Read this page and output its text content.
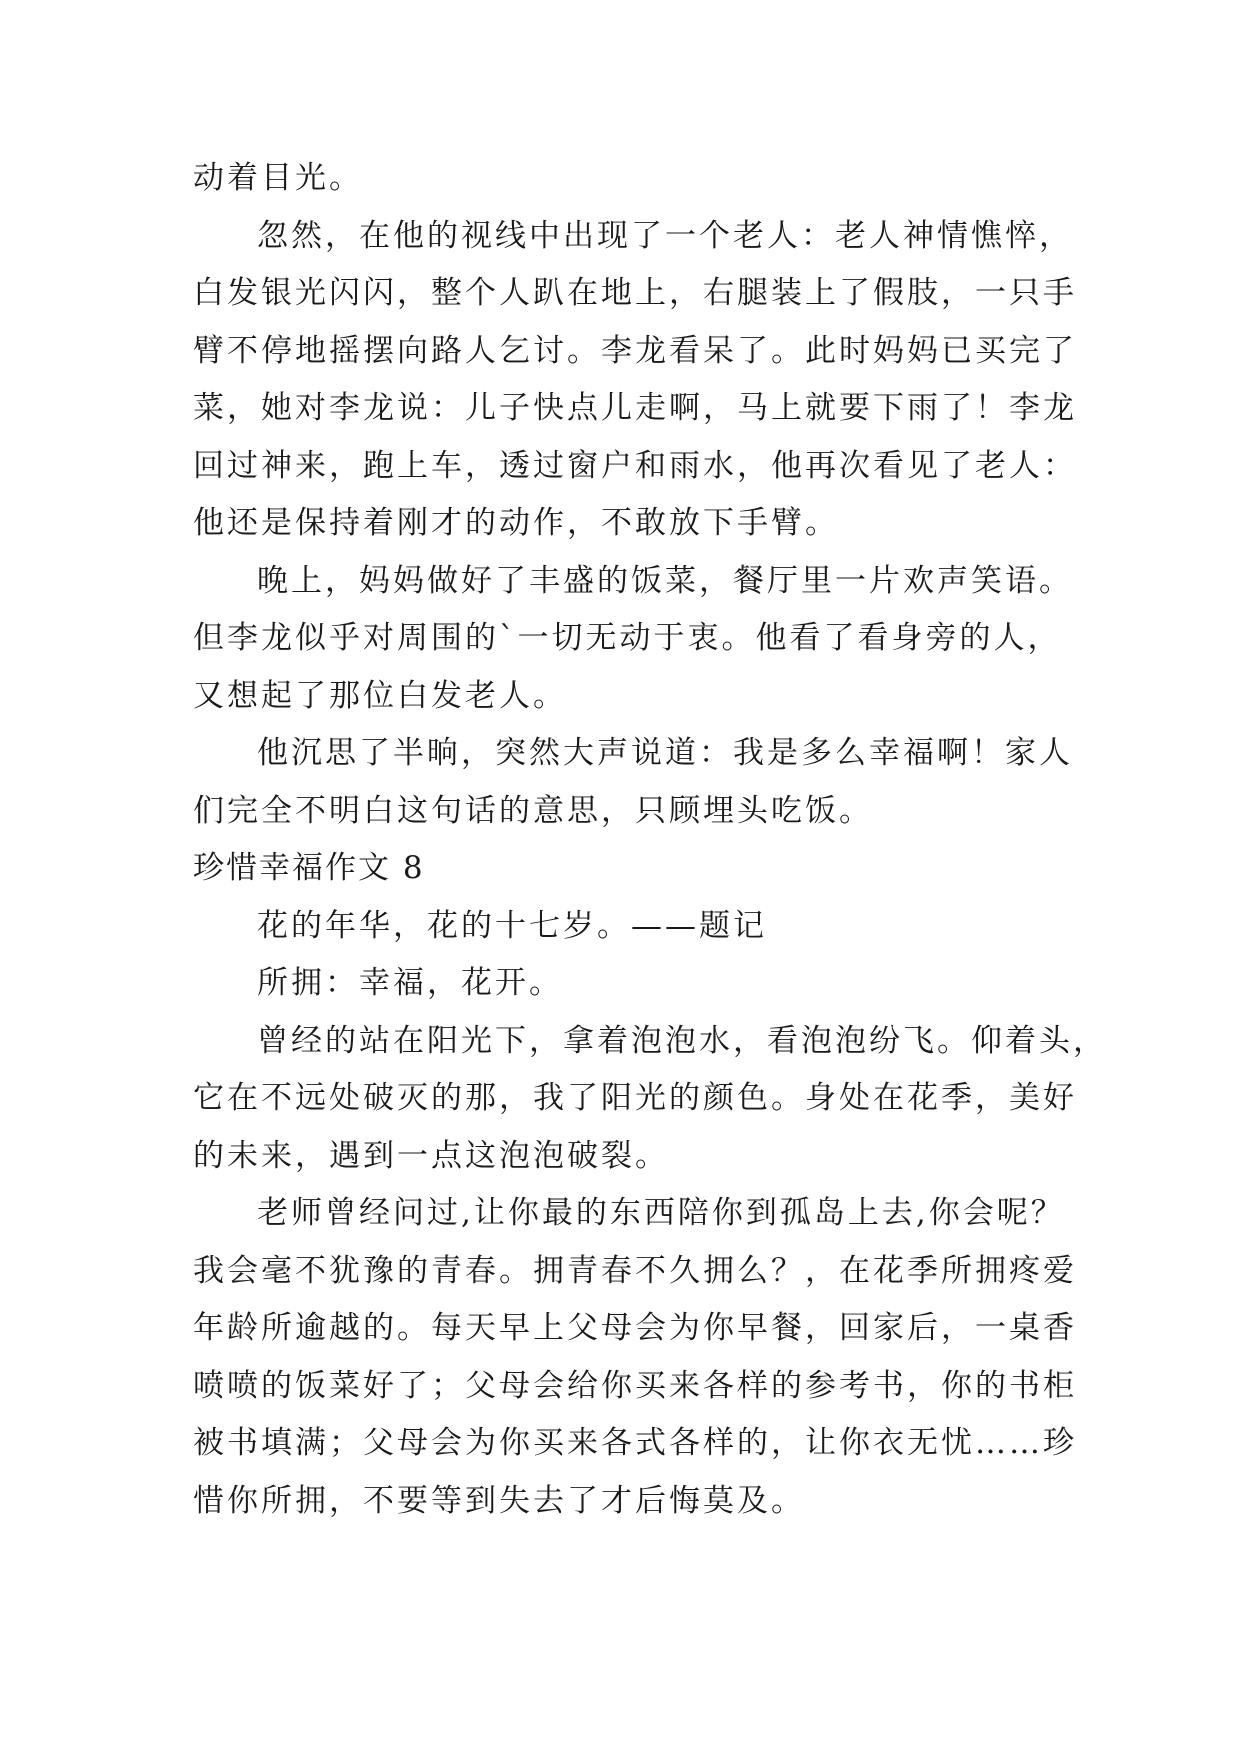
动着目光。
忽然，在他的视线中出现了一个老人：老人神情憔悴，
白发银光闪闪，整个人趴在地上，右腿装上了假肢，一只手
臂不停地摇摆向路人乞讨。李龙看呆了。此时妈妈已买完了
菜，她对李龙说：儿子快点儿走啊，马上就要下雨了！李龙
回过神来，跑上车，透过窗户和雨水，他再次看见了老人：
他还是保持着刚才的动作，不敢放下手臂。
晚上，妈妈做好了丰盛的饭菜，餐厅里一片欢声笑语。
但李龙似乎对周围的`一切无动于衷。他看了看身旁的人，
又想起了那位白发老人。
他沉思了半晌，突然大声说道：我是多么幸福啊！家人
们完全不明白这句话的意思，只顾埋头吃饭。
珍惜幸福作文 8
花的年华，花的十七岁。——题记
所拥：幸福，花开。
曾经的站在阳光下，拿着泡泡水，看泡泡纷飞。仰着头，
它在不远处破灭的那，我了阳光的颜色。身处在花季，美好
的未来，遇到一点这泡泡破裂。
老师曾经问过,让你最的东西陪你到孤岛上去,你会呢？
我会毫不犹豫的青春。拥青春不久拥么？，在花季所拥疼爱
年龄所逾越的。每天早上父母会为你早餐，回家后，一桌香
喷喷的饭菜好了；父母会给你买来各样的参考书，你的书柜
被书填满；父母会为你买来各式各样的，让你衣无忧……珍
惜你所拥，不要等到失去了才后悔莫及。
